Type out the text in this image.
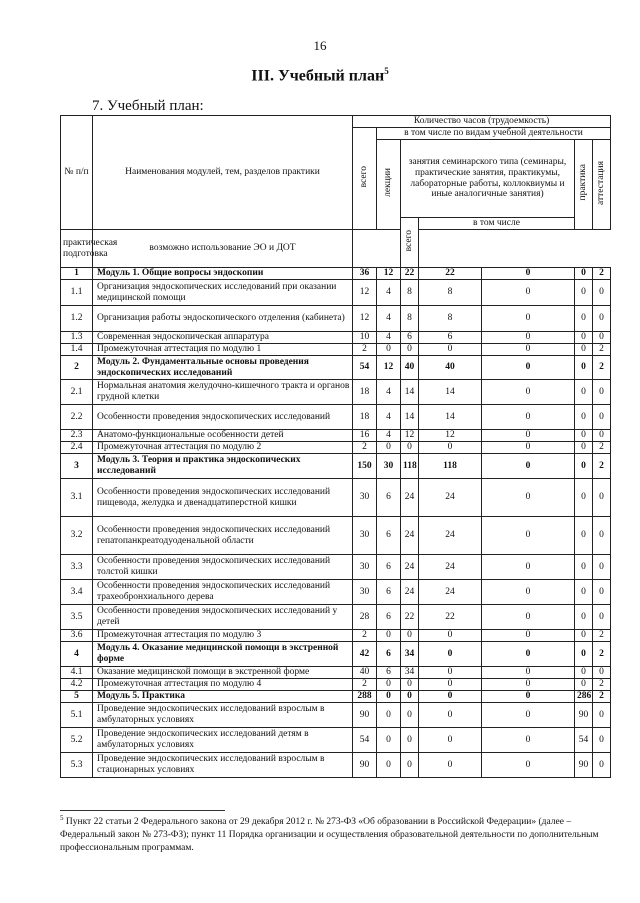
16
III. Учебный план$^5$
7. Учебный план:
№ п/п	Наименования модулей, тем, разделов практики	Количество часов (трудоемкость)						
		всего	в том числе по видам учебной деятельности					
			лекции	занятия семинарского типа (семинары, практические занятия, практикумы, лабораторные работы, коллоквиумы и иные аналогичные занятия)			практика	аттестация
				всего	в том числе			
практическая подготовка	возможно использование ЭО и ДОТ							
1	Модуль 1. Общие вопросы эндоскопии	36	12	22	22	0	0	2
1.1	Организация эндоскопических исследований при оказании медицинской помощи	12	4	8	8	0	0	0
1.2	Организация работы эндоскопического отделения (кабинета)	12	4	8	8	0	0	0
1.3	Современная эндоскопическая аппаратура	10	4	6	6	0	0	0
1.4	Промежуточная аттестация по модулю 1	2	0	0	0	0	0	2
2	Модуль 2. Фундаментальные основы проведения эндоскопических исследований	54	12	40	40	0	0	2
2.1	Нормальная анатомия желудочно-кишечного тракта и органов грудной клетки	18	4	14	14	0	0	0
2.2	Особенности проведения эндоскопических исследований	18	4	14	14	0	0	0
2.3	Анатомо-функциональные особенности детей	16	4	12	12	0	0	0
2.4	Промежуточная аттестация по модулю 2	2	0	0	0	0	0	2
3	Модуль 3. Теория и практика эндоскопических исследований	150	30	118	118	0	0	2
3.1	Особенности проведения эндоскопических исследований пищевода, желудка и двенадцатиперстной кишки	30	6	24	24	0	0	0
3.2	Особенности проведения эндоскопических исследований гепатопанкреатодуоденальной области	30	6	24	24	0	0	0
3.3	Особенности проведения эндоскопических исследований толстой кишки	30	6	24	24	0	0	0
3.4	Особенности проведения эндоскопических исследований трахеобронхиального дерева	30	6	24	24	0	0	0
3.5	Особенности проведения эндоскопических исследований у детей	28	6	22	22	0	0	0
3.6	Промежуточная аттестация по модулю 3	2	0	0	0	0	0	2
4	Модуль 4. Оказание медицинской помощи в экстренной форме	42	6	34	0	0	0	2
4.1	Оказание медицинской помощи в экстренной форме	40	6	34	0	0	0	0
4.2	Промежуточная аттестация по модулю 4	2	0	0	0	0	0	2
5	Модуль 5. Практика	288	0	0	0	0	286	2
5.1	Проведение эндоскопических исследований взрослым в амбулаторных условиях	90	0	0	0	0	90	0
5.2	Проведение эндоскопических исследований детям в амбулаторных условиях	54	0	0	0	0	54	0
5.3	Проведение эндоскопических исследований взрослым в стационарных условиях	90	0	0	0	0	90	0
$^5$ Пункт 22 статьи 2 Федерального закона от 29 декабря 2012 г. № 273-ФЗ «Об образовании в Российской Федерации» (далее – Федеральный закон № 273-ФЗ); пункт 11 Порядка организации и осуществления образовательной деятельности по дополнительным профессиональным программам.
